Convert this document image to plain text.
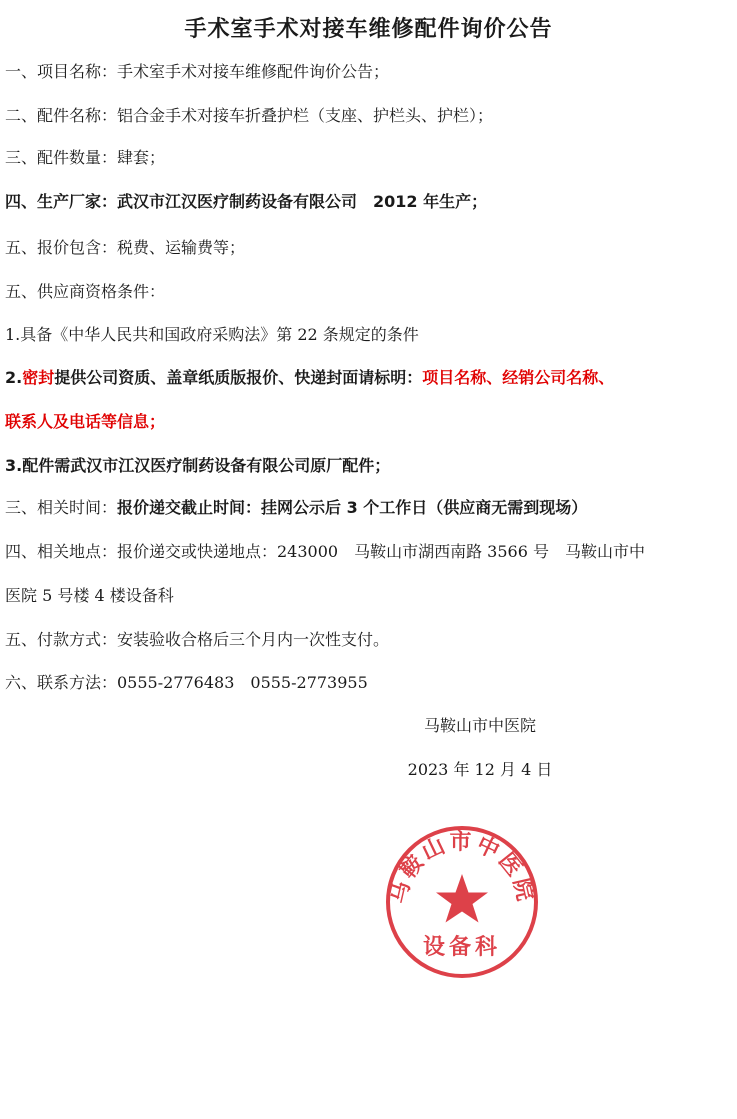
手术室手术对接车维修配件询价公告
一、项目名称：手术室手术对接车维修配件询价公告；
二、配件名称：铝合金手术对接车折叠护栏（支座、护栏头、护栏）；
三、配件数量：肆套；
四、生产厂家：武汉市江汉医疗制药设备有限公司　2012 年生产；
五、报价包含：税费、运输费等；
五、供应商资格条件：
1.具备《中华人民共和国政府采购法》第 22 条规定的条件
2.密封提供公司资质、盖章纸质版报价、快递封面请标明：项目名称、经销公司名称、
联系人及电话等信息；
3.配件需武汉市江汉医疗制药设备有限公司原厂配件；
三、相关时间：报价递交截止时间：挂网公示后 3 个工作日（供应商无需到现场）
四、相关地点：报价递交或快递地点：243000　马鞍山市湖西南路 3566 号　马鞍山市中
医院 5 号楼 4 楼设备科
五、付款方式：安装验收合格后三个月内一次性支付。
六、联系方法：0555-2776483　0555-2773955
马鞍山市中医院
2023 年 12 月 4 日
马鞍山市中医院
设备科
